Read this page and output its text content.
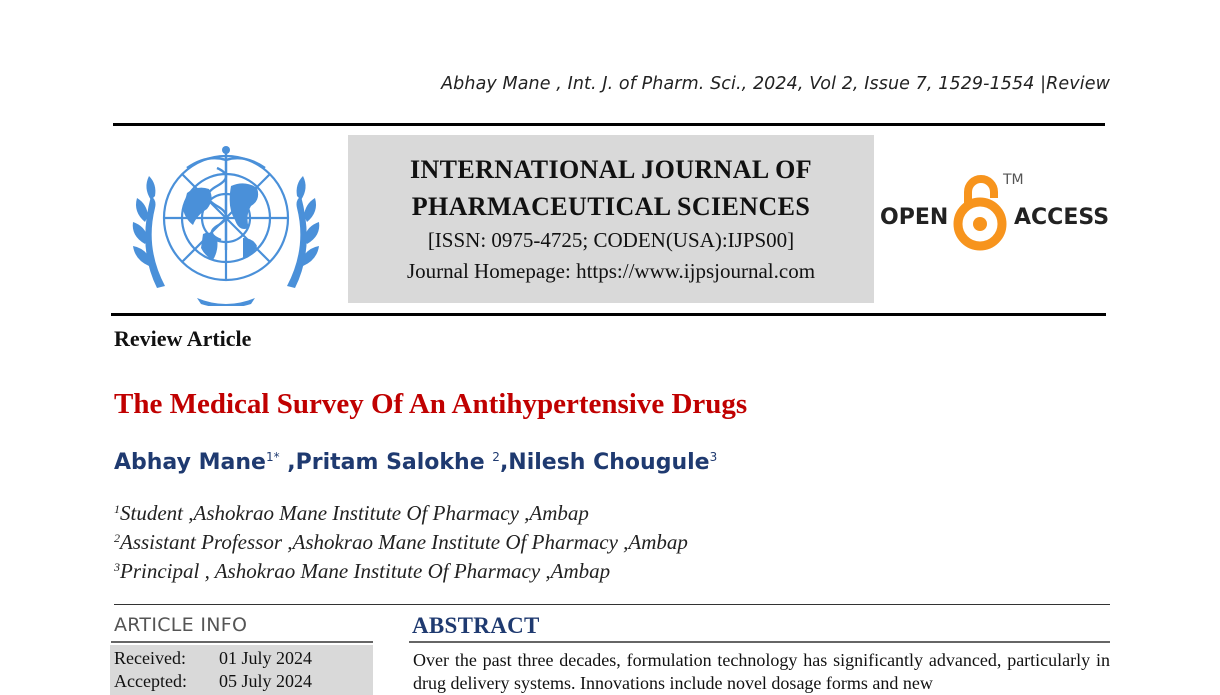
Abhay Mane , Int. J. of Pharm. Sci., 2024, Vol 2, Issue 7, 1529-1554 |Review
INTERNATIONAL JOURNAL OF
PHARMACEUTICAL SCIENCES
[ISSN: 0975-4725; CODEN(USA):IJPS00]
Journal Homepage: https://www.ijpsjournal.com
OPEN
TM
ACCESS
Review Article
The Medical Survey Of An Antihypertensive Drugs
Abhay Mane$^{1*}$ ,Pritam Salokhe $^2$,Nilesh Chougule$^3$
$^1$Student ,Ashokrao Mane Institute Of Pharmacy ,Ambap
$^2$Assistant Professor ,Ashokrao Mane Institute Of Pharmacy ,Ambap
$^3$Principal , Ashokrao Mane Institute Of Pharmacy ,Ambap
ARTICLE INFO
Received: 01 July 2024
Accepted: 05 July 2024
ABSTRACT
Over the past three decades, formulation technology has significantly advanced, particularly in drug delivery systems. Innovations include novel dosage forms and new
